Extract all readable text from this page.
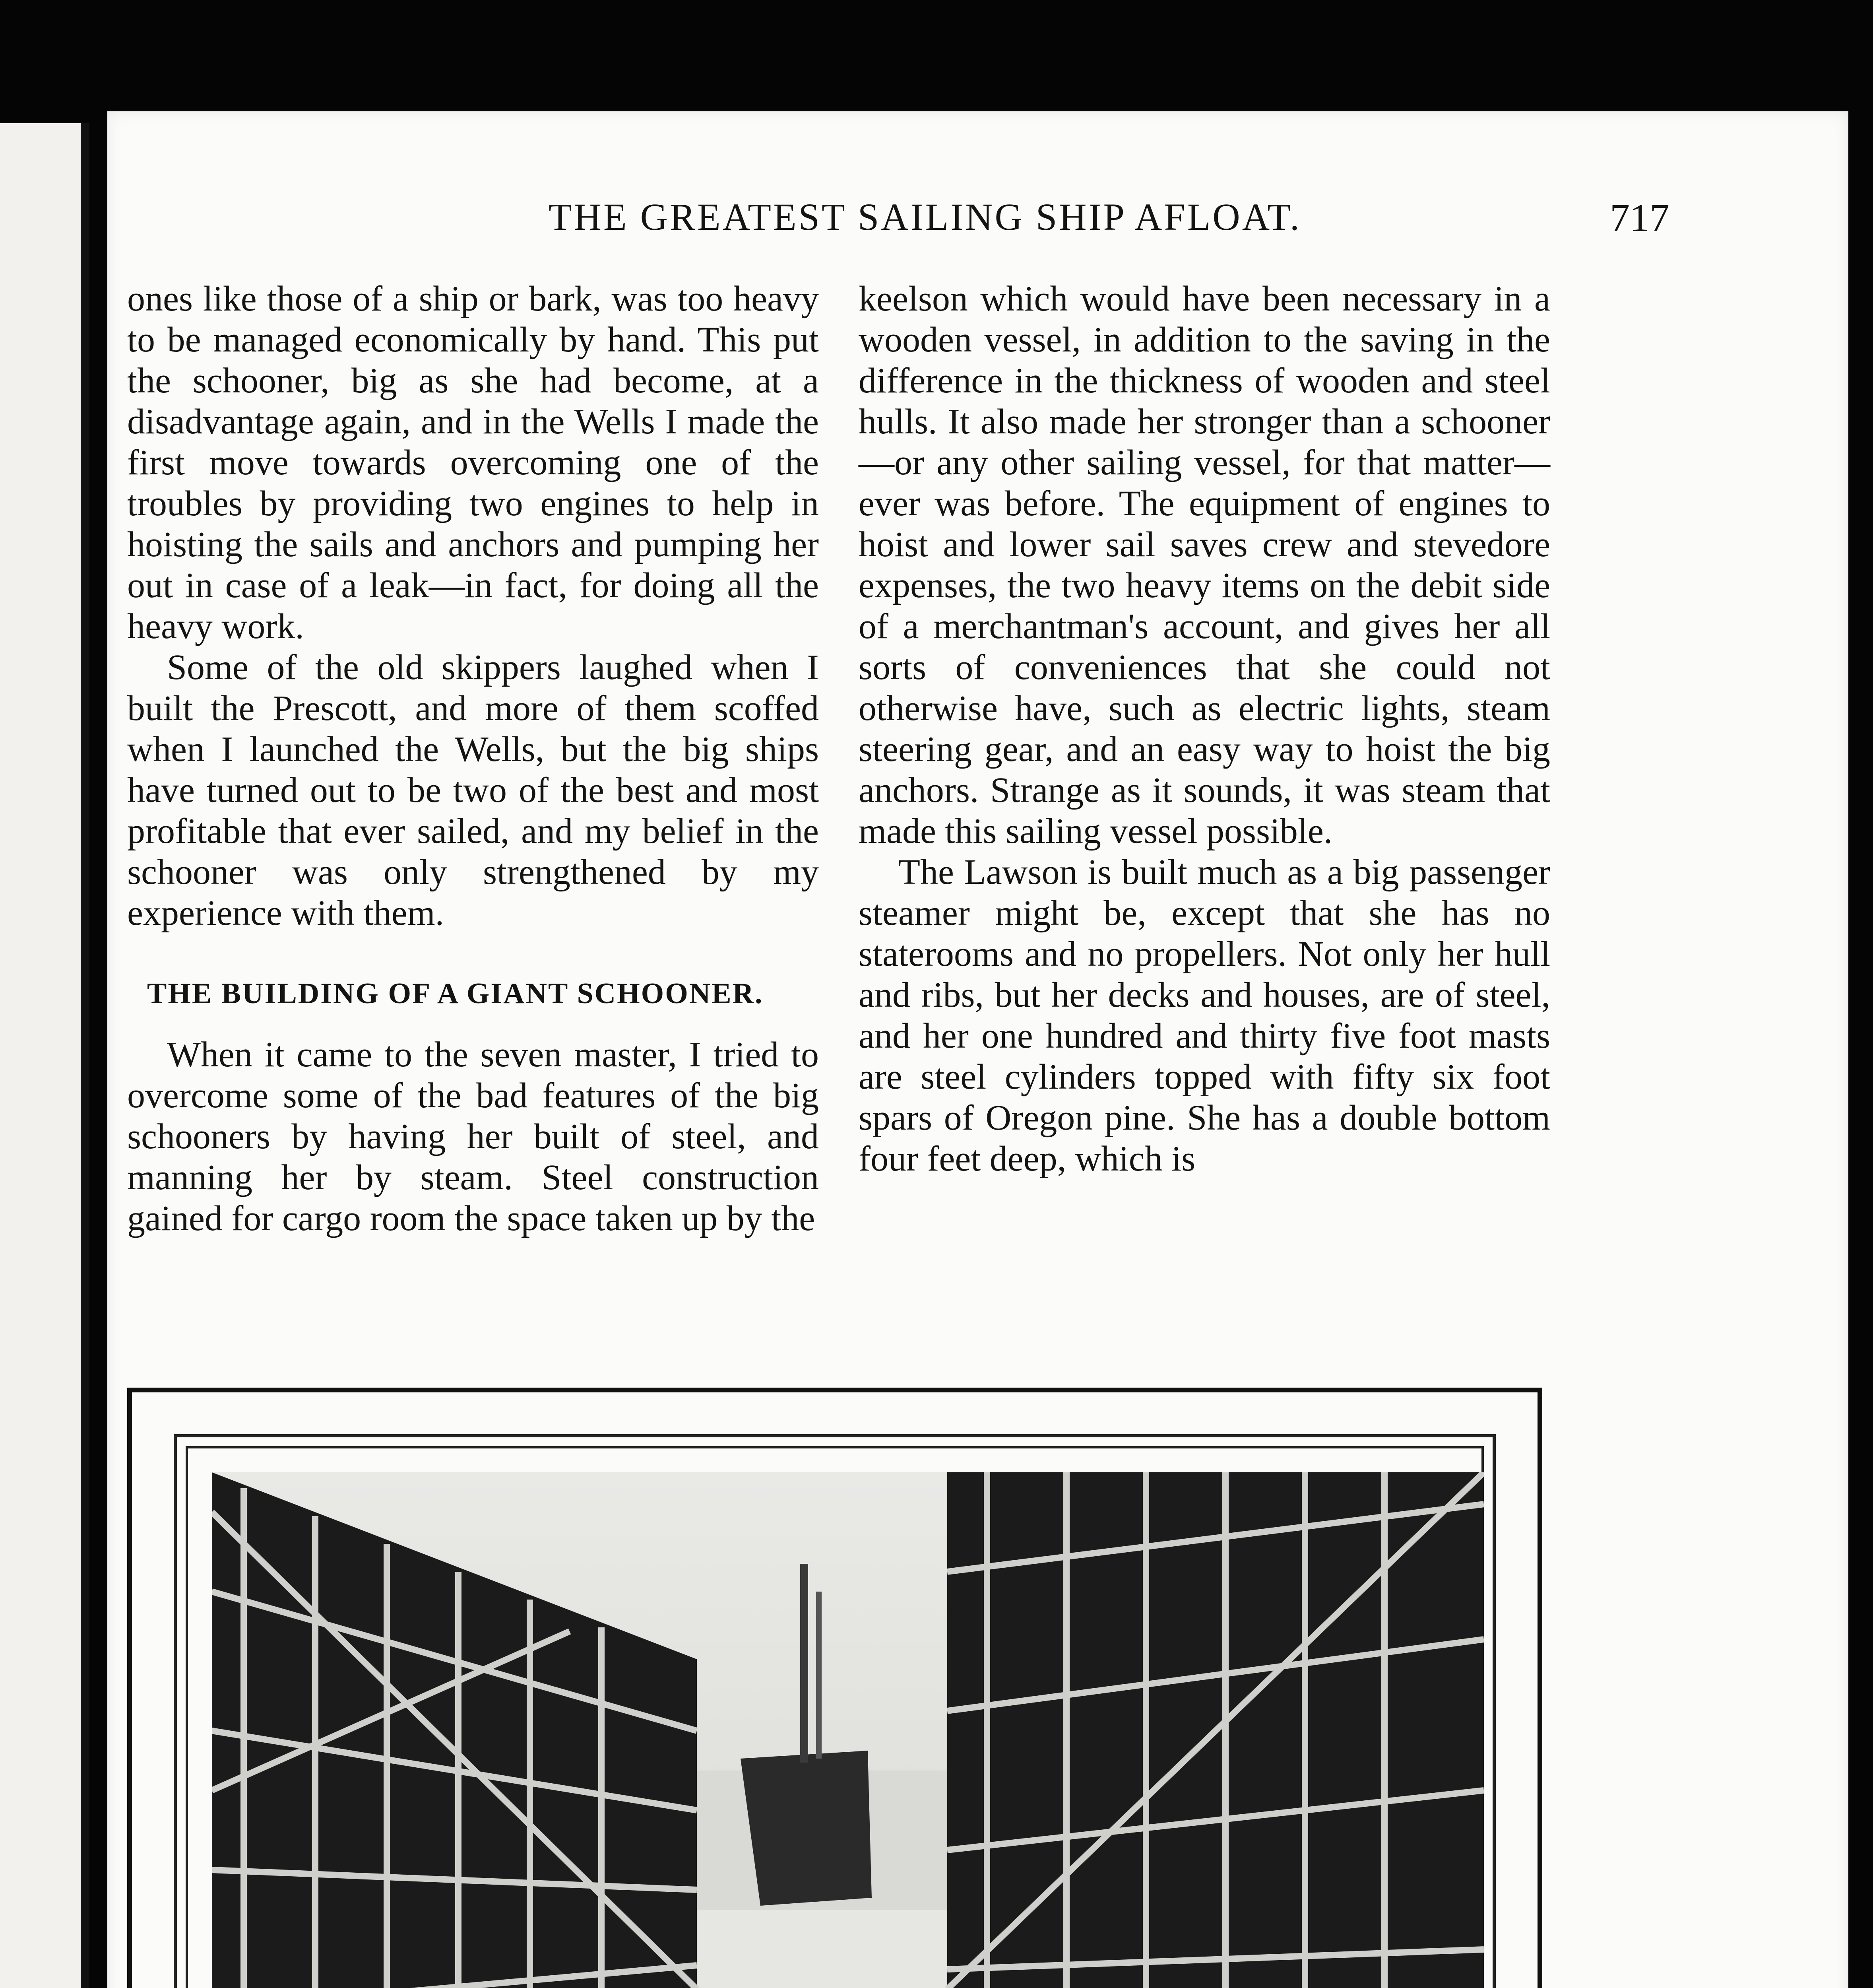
THE GREATEST SAILING SHIP AFLOAT.	717

ones like those of a ship or bark, was too heavy to be managed economically by hand. This put the schooner, big as she had become, at a disadvantage again, and in the Wells I made the first move towards overcoming one of the troubles by providing two engines to help in hoisting the sails and anchors and pumping her out in case of a leak—in fact, for doing all the heavy work.

Some of the old skippers laughed when I built the Prescott, and more of them scoffed when I launched the Wells, but the big ships have turned out to be two of the best and most profitable that ever sailed, and my belief in the schooner was only strengthened by my experience with them.

THE BUILDING OF A GIANT SCHOONER.

When it came to the seven master, I tried to overcome some of the bad features of the big schooners by having her built of steel, and manning her by steam. Steel construction gained for cargo room the space taken up by the

keelson which would have been necessary in a wooden vessel, in addition to the saving in the difference in the thickness of wooden and steel hulls. It also made her stronger than a schooner—or any other sailing vessel, for that matter—ever was before. The equipment of engines to hoist and lower sail saves crew and stevedore expenses, the two heavy items on the debit side of a merchantman's account, and gives her all sorts of conveniences that she could not otherwise have, such as electric lights, steam steering gear, and an easy way to hoist the big anchors. Strange as it sounds, it was steam that made this sailing vessel possible.

The Lawson is built much as a big passenger steamer might be, except that she has no staterooms and no propellers. Not only her hull and ribs, but her decks and houses, are of steel, and her one hundred and thirty five foot masts are steel cylinders topped with fifty six foot spars of Oregon pine. She has a double bottom four feet deep, which is
